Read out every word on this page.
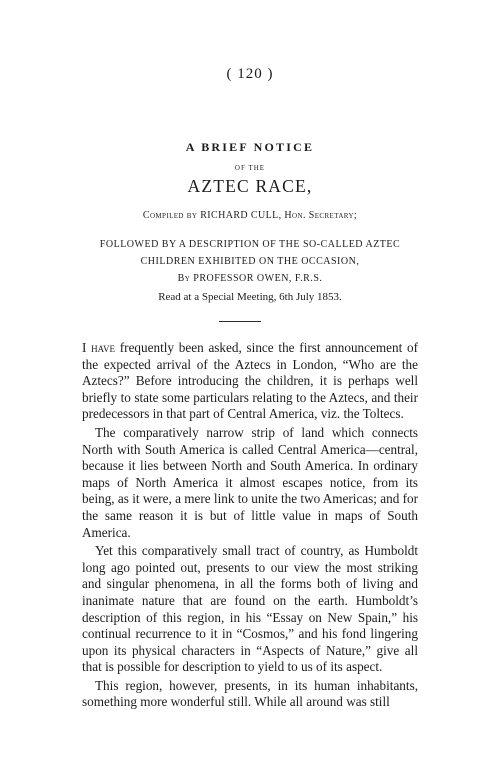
( 120 )
A BRIEF NOTICE
OF THE
AZTEC RACE,
Compiled by RICHARD CULL, Hon. Secretary;
FOLLOWED BY A DESCRIPTION OF THE SO-CALLED AZTEC CHILDREN EXHIBITED ON THE OCCASION,
By PROFESSOR OWEN, F.R.S.
Read at a Special Meeting, 6th July 1853.

I have frequently been asked, since the first announcement of the expected arrival of the Aztecs in London, “Who are the Aztecs?” Before introducing the children, it is perhaps well briefly to state some particulars relating to the Aztecs, and their predecessors in that part of Central America, viz. the Toltecs.

The comparatively narrow strip of land which connects North with South America is called Central America—central, because it lies between North and South America. In ordinary maps of North America it almost escapes notice, from its being, as it were, a mere link to unite the two Americas; and for the same reason it is but of little value in maps of South America.

Yet this comparatively small tract of country, as Humboldt long ago pointed out, presents to our view the most striking and singular phenomena, in all the forms both of living and inanimate nature that are found on the earth. Humboldt’s description of this region, in his “Essay on New Spain,” his continual recurrence to it in “Cosmos,” and his fond lingering upon its physical characters in “Aspects of Nature,” give all that is possible for description to yield to us of its aspect.

This region, however, presents, in its human inhabitants, something more wonderful still. While all around was still
